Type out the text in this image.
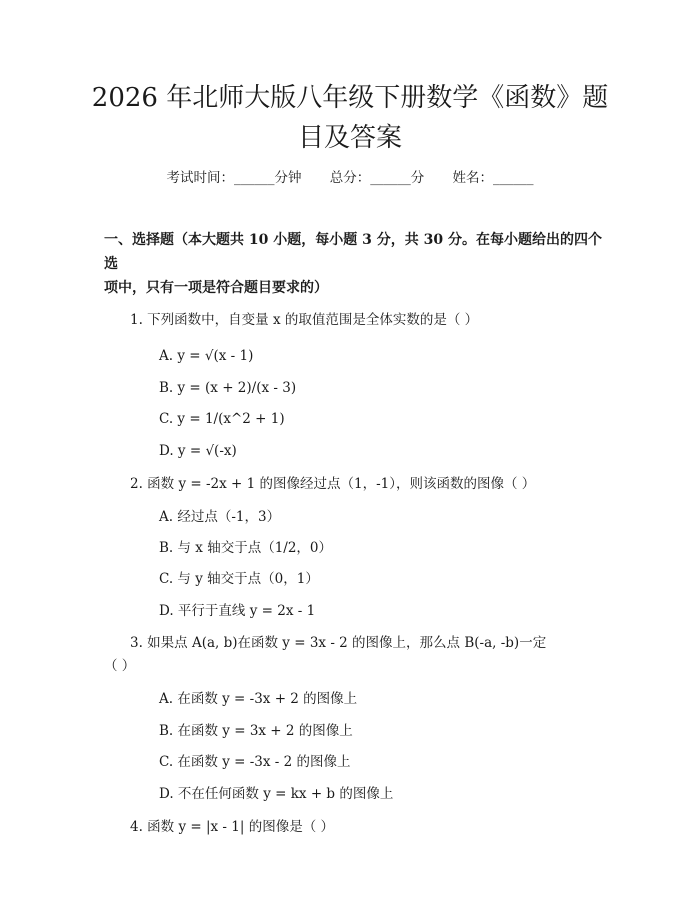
2026 年北师大版八年级下册数学《函数》题
目及答案
考试时间：______分钟 总分：______分 姓名：______
一、选择题（本大题共 10 小题，每小题 3 分，共 30 分。在每小题给出的四个选
项中，只有一项是符合题目要求的）
1. 下列函数中，自变量 x 的取值范围是全体实数的是（ ）
A. y = √(x - 1)
B. y = (x + 2)/(x - 3)
C. y = 1/(x^2 + 1)
D. y = √(-x)
2. 函数 y = -2x + 1 的图像经过点（1，-1），则该函数的图像（ ）
A. 经过点（-1，3）
B. 与 x 轴交于点（1/2，0）
C. 与 y 轴交于点（0，1）
D. 平行于直线 y = 2x - 1
3. 如果点 A(a, b)在函数 y = 3x - 2 的图像上，那么点 B(-a, -b)一定
（ ）
A. 在函数 y = -3x + 2 的图像上
B. 在函数 y = 3x + 2 的图像上
C. 在函数 y = -3x - 2 的图像上
D. 不在任何函数 y = kx + b 的图像上
4. 函数 y = |x - 1| 的图像是（ ）
